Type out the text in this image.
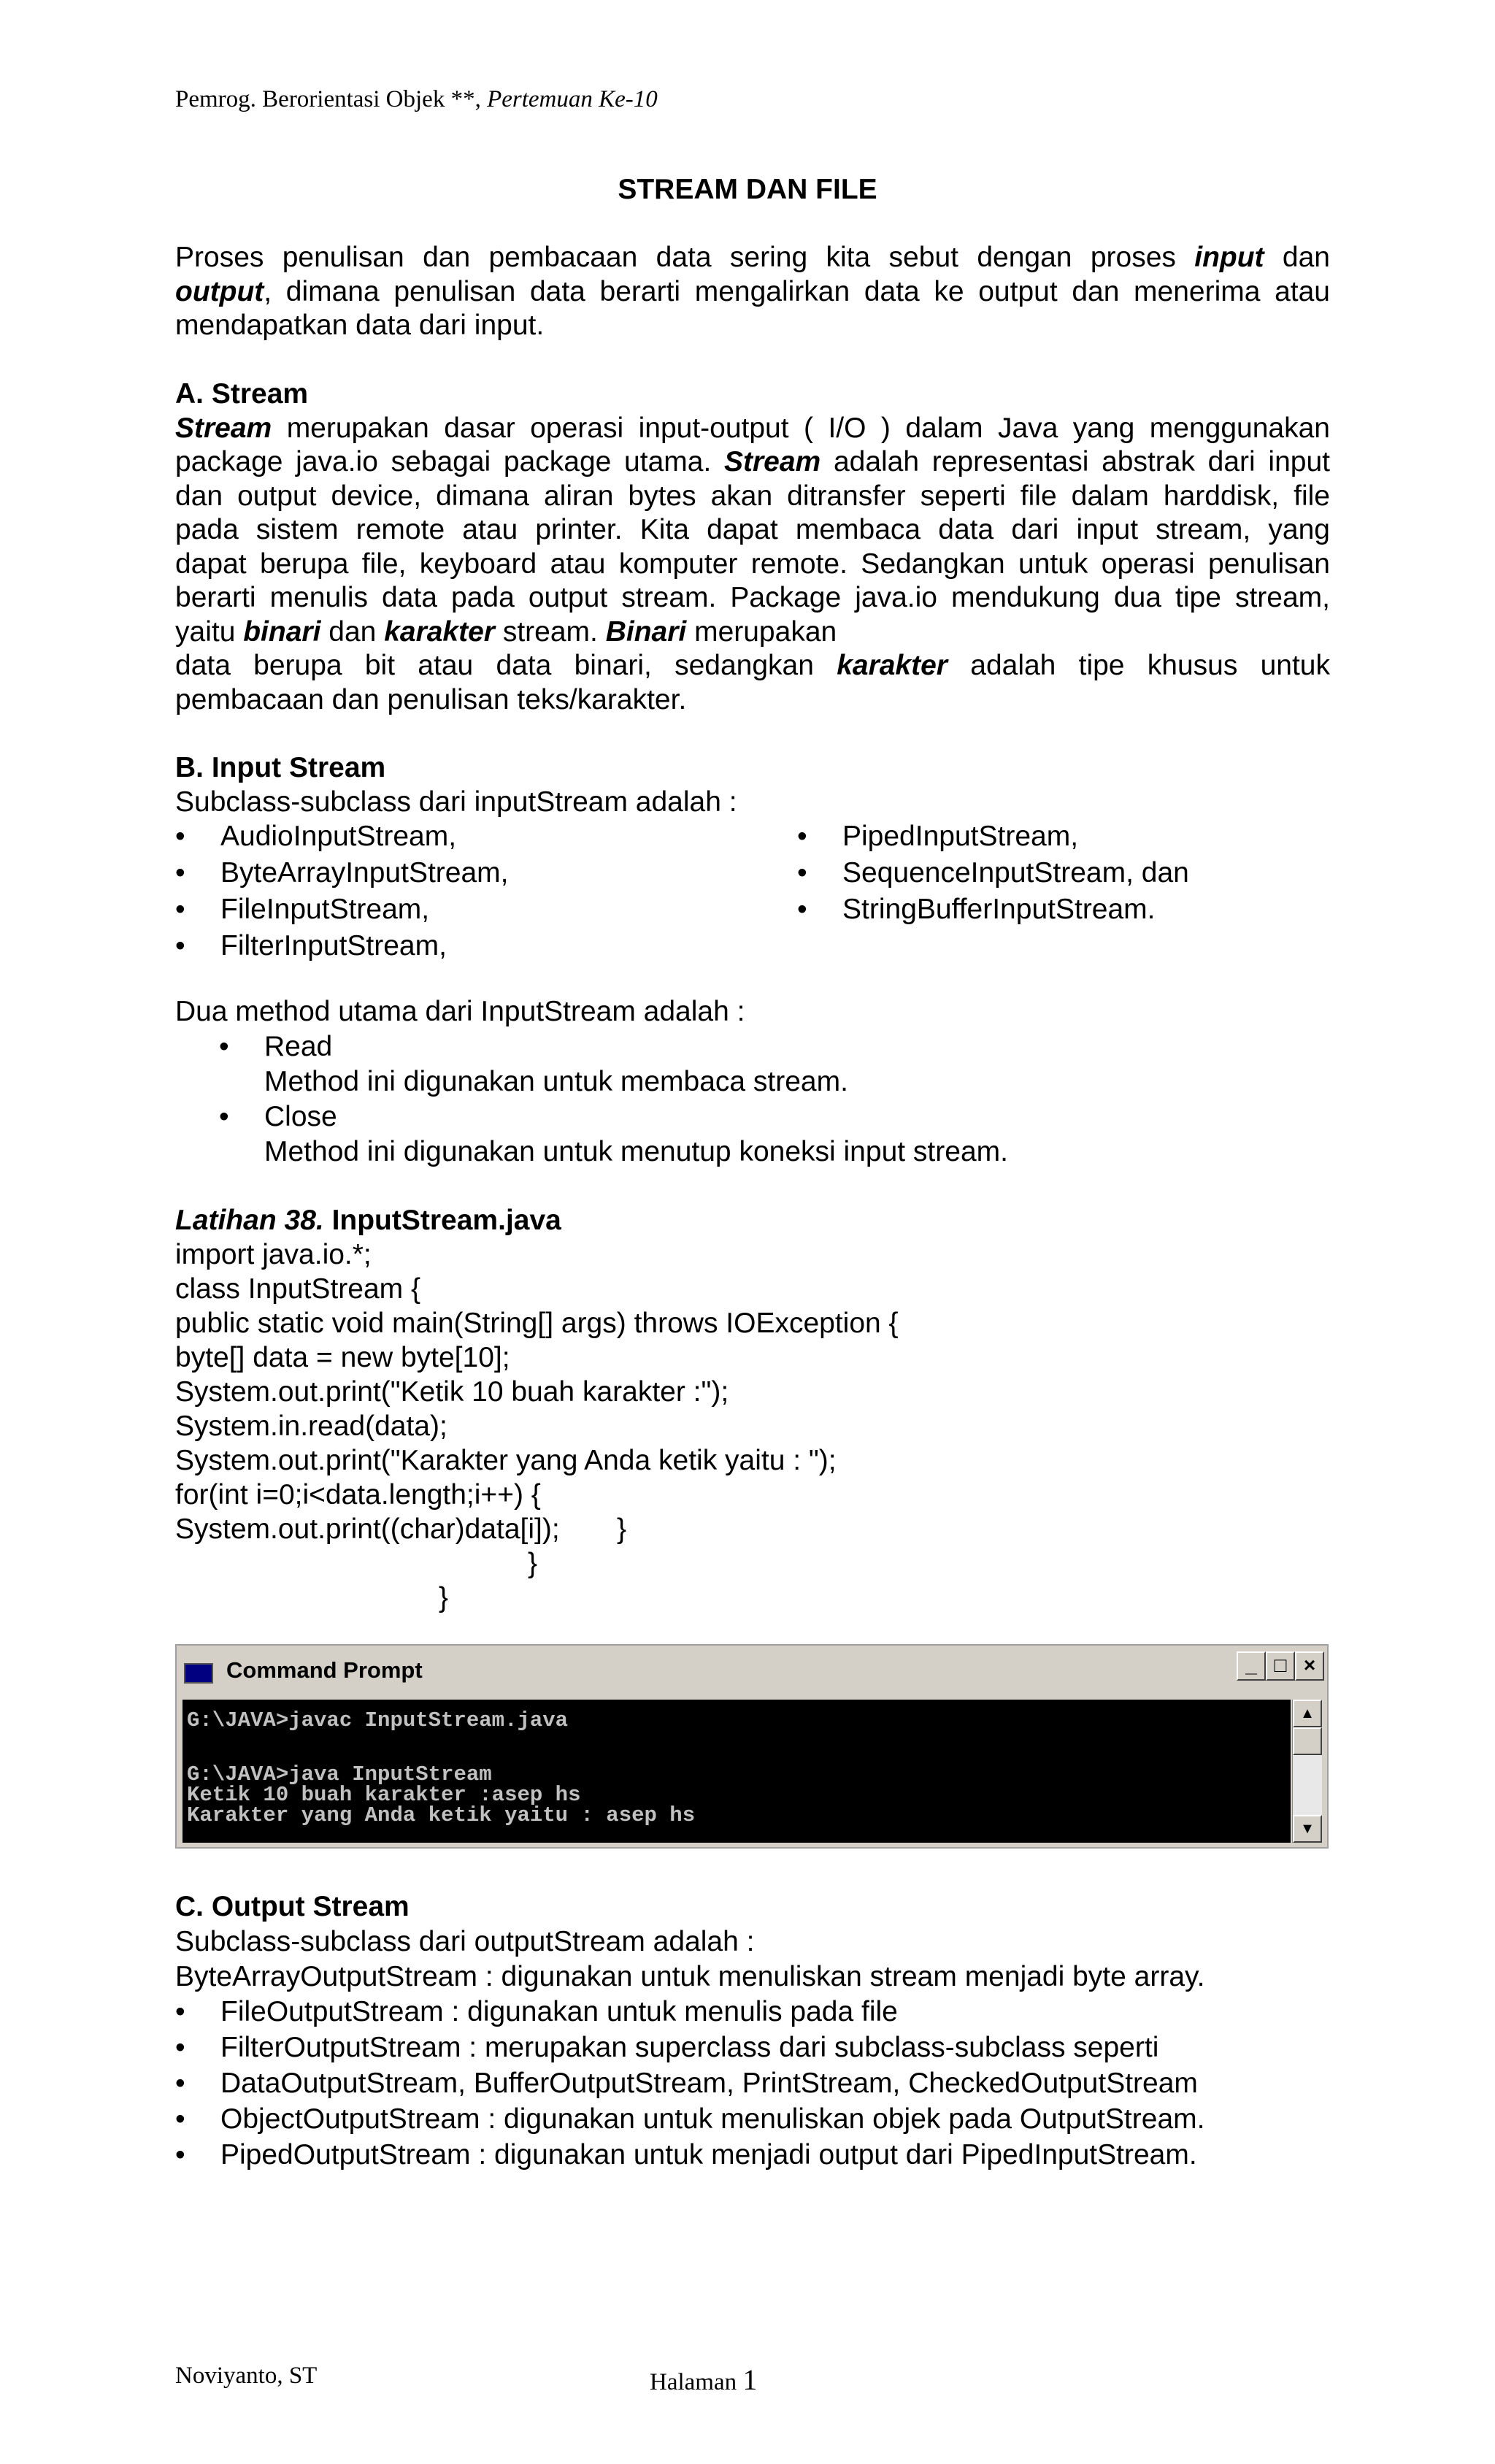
Pemrog. Berorientasi Objek **, Pertemuan Ke-10
STREAM DAN FILE
Proses penulisan dan pembacaan data sering kita sebut dengan proses input dan
output, dimana penulisan data berarti mengalirkan data ke output dan menerima atau
mendapatkan data dari input.
A. Stream
Stream merupakan dasar operasi input-output ( I/O ) dalam Java yang menggunakan
package java.io sebagai package utama. Stream adalah representasi abstrak dari input
dan output device, dimana aliran bytes akan ditransfer seperti file dalam harddisk, file
pada sistem remote atau printer. Kita dapat membaca data dari input stream, yang
dapat berupa file, keyboard atau komputer remote. Sedangkan untuk operasi penulisan
berarti menulis data pada output stream. Package java.io mendukung dua tipe stream,
yaitu binari dan karakter stream. Binari merupakan
data berupa bit atau data binari, sedangkan karakter adalah tipe khusus untuk
pembacaan dan penulisan teks/karakter.
B. Input Stream
Subclass-subclass dari inputStream adalah :
• AudioInputStream,
• ByteArrayInputStream,
• FileInputStream,
• FilterInputStream,
• PipedInputStream,
• SequenceInputStream, dan
• StringBufferInputStream.
Dua method utama dari InputStream adalah :
• Read
Method ini digunakan untuk membaca stream.
• Close
Method ini digunakan untuk menutup koneksi input stream.
Latihan 38. InputStream.java
import java.io.*;
class InputStream {
public static void main(String[] args) throws IOException {
byte[] data = new byte[10];
System.out.print("Ketik 10 buah karakter :");
System.in.read(data);
System.out.print("Karakter yang Anda ketik yaitu : ");
for(int i=0;i<data.length;i++) {
System.out.print((char)data[i]); }
}
}
Command Prompt	_ □ ×
G:\JAVA>javac InputStream.java
G:\JAVA>java InputStream
Ketik 10 buah karakter :asep hs
Karakter yang Anda ketik yaitu : asep hs
▲
▼
C. Output Stream
Subclass-subclass dari outputStream adalah :
ByteArrayOutputStream : digunakan untuk menuliskan stream menjadi byte array.
• FileOutputStream : digunakan untuk menulis pada file
• FilterOutputStream : merupakan superclass dari subclass-subclass seperti
• DataOutputStream, BufferOutputStream, PrintStream, CheckedOutputStream
• ObjectOutputStream : digunakan untuk menuliskan objek pada OutputStream.
• PipedOutputStream : digunakan untuk menjadi output dari PipedInputStream.
Noviyanto, ST	Halaman 1
